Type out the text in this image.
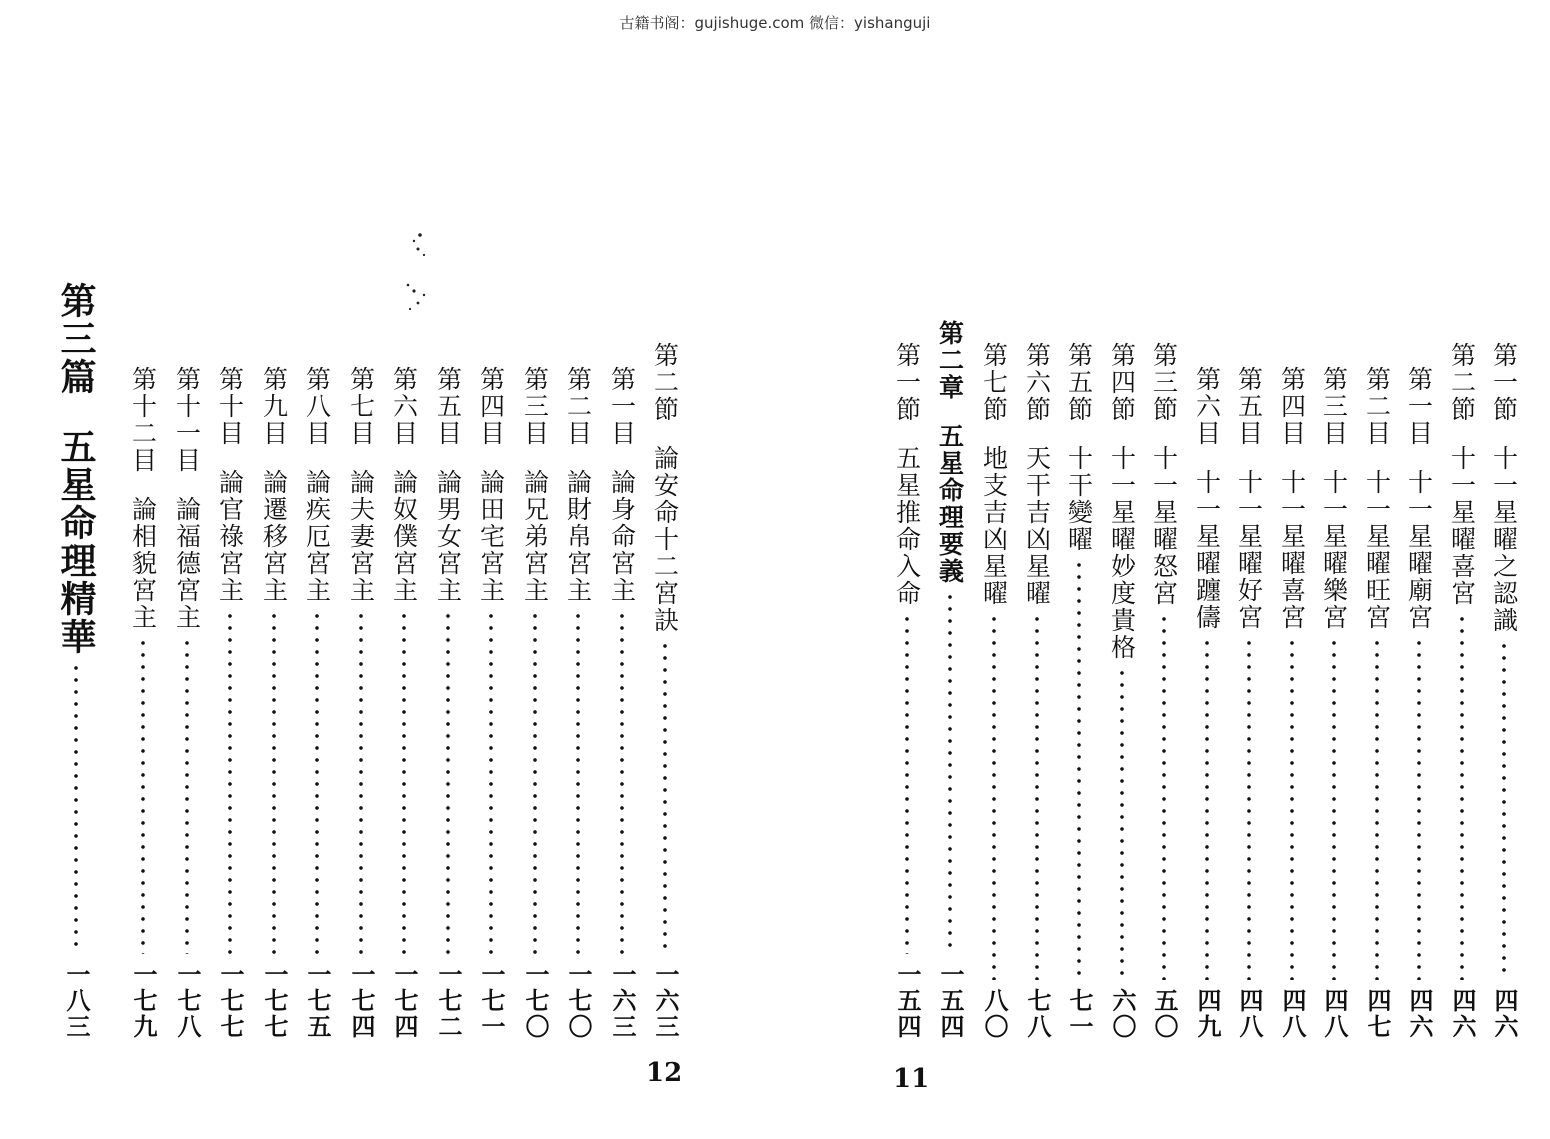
古籍书阁：gujishuge.com 微信：yishanguji
第二節
論安命十二宮訣
一六三
第一目
論身命宮主
一六三
第二目
論財帛宮主
一七〇
第三目
論兄弟宮主
一七〇
第四目
論田宅宮主
一七一
第五目
論男女宮主
一七二
第六目
論奴僕宮主
一七四
第七目
論夫妻宮主
一七四
第八目
論疾厄宮主
一七五
第九目
論遷移宮主
一七七
第十目
論官祿宮主
一七七
第十一目
論福德宮主
一七八
第十二目
論相貌宮主
一七九
第三篇
五星命理精華
一八三
12
第一節
十一星曜之認識
四六
第二節
十一星曜喜宮
四六
第一目
十一星曜廟宮
四六
第二目
十一星曜旺宮
四七
第三目
十一星曜樂宮
四八
第四目
十一星曜喜宮
四八
第五目
十一星曜好宮
四八
第六目
十一星曜躔儔
四九
第三節
十一星曜怒宮
五〇
第四節
十一星曜妙度貴格
六〇
第五節
十干變曜
七一
第六節
天干吉凶星曜
七八
第七節
地支吉凶星曜
八〇
第二章
五星命理要義
一五四
第一節
五星推命入命
一五四
11
